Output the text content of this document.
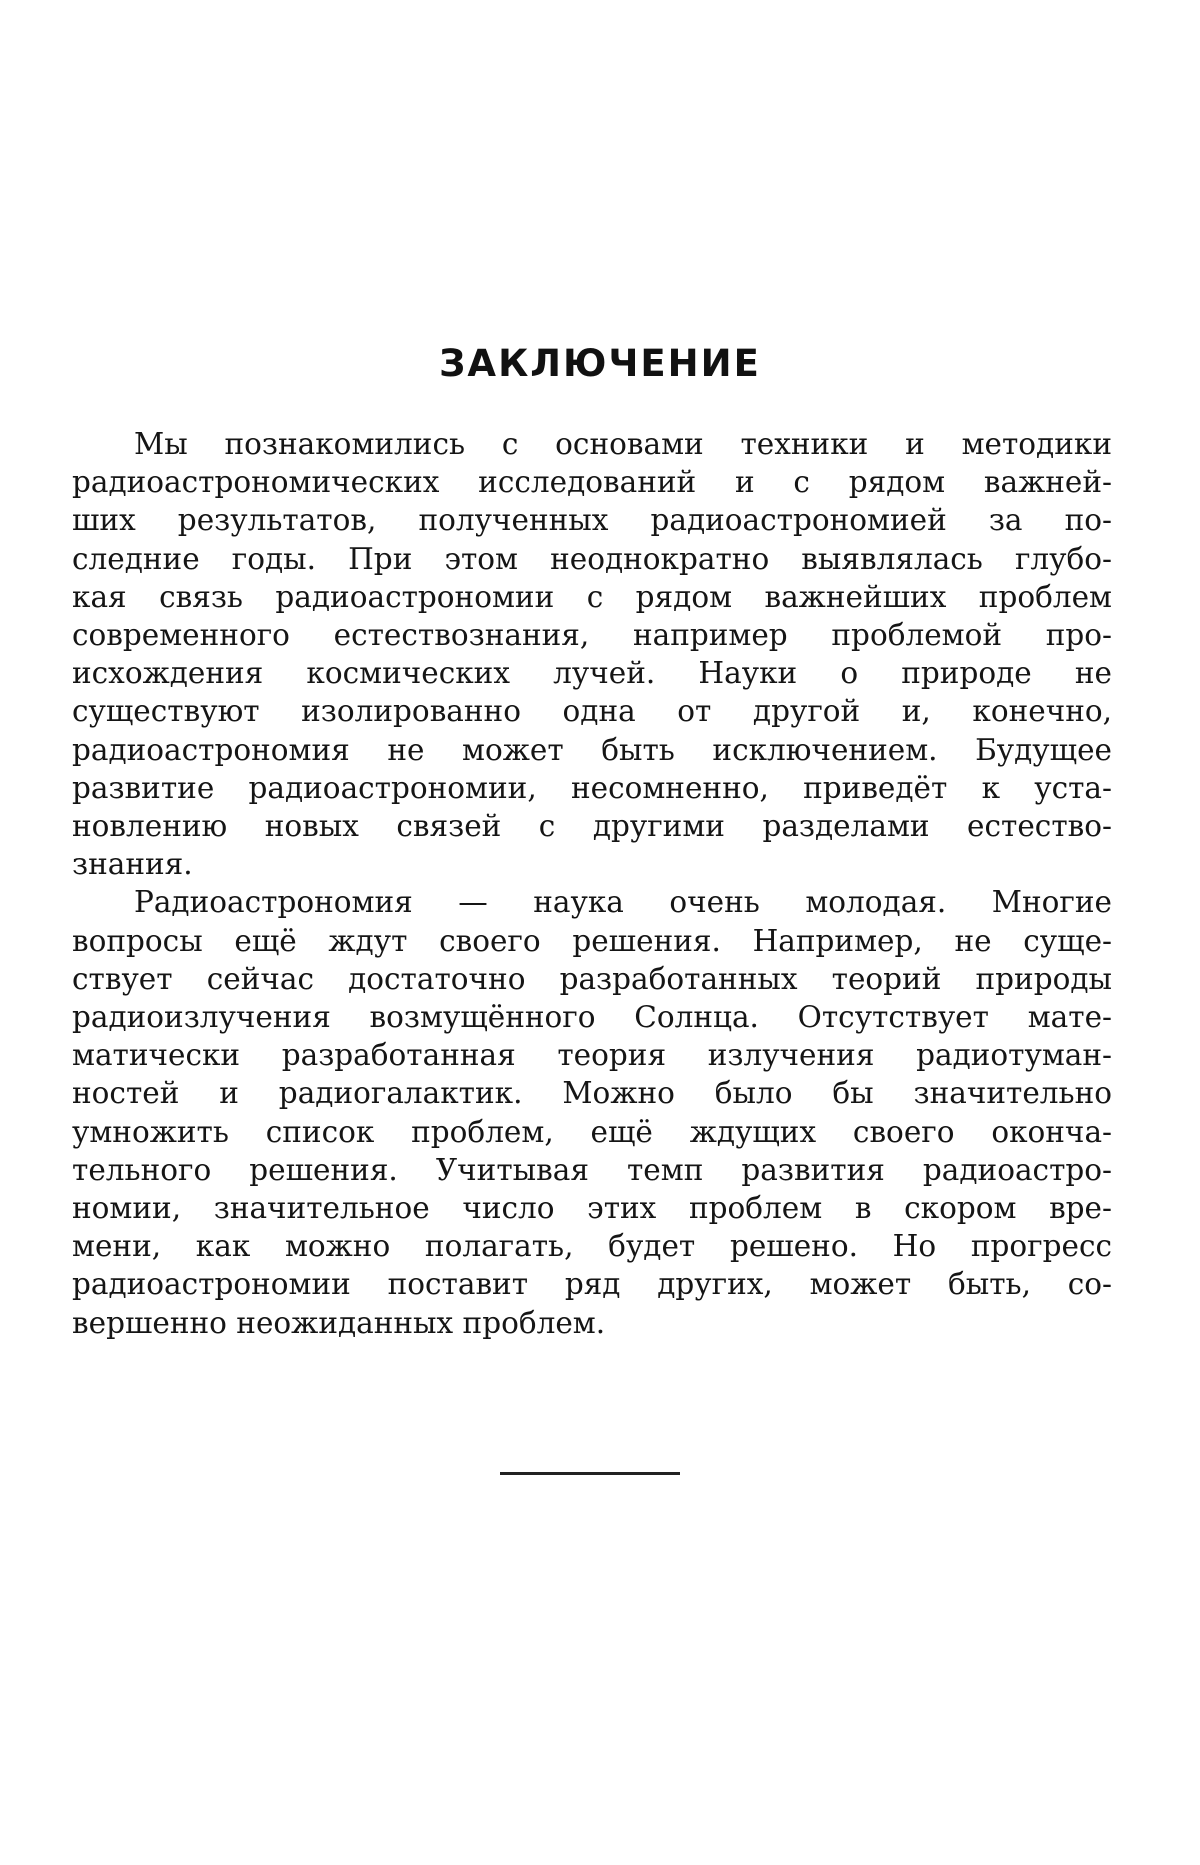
ЗАКЛЮЧЕНИЕ

Мы познакомились с основами техники и методики
радиоастрономических исследований и с рядом важней-
ших результатов, полученных радиоастрономией за по-
следние годы. При этом неоднократно выявлялась глубо-
кая связь радиоастрономии с рядом важнейших проблем
современного естествознания, например проблемой про-
исхождения космических лучей. Науки о природе не
существуют изолированно одна от другой и, конечно,
радиоастрономия не может быть исключением. Будущее
развитие радиоастрономии, несомненно, приведёт к уста-
новлению новых связей с другими разделами естество-
знания.

Радиоастрономия — наука очень молодая. Многие
вопросы ещё ждут своего решения. Например, не суще-
ствует сейчас достаточно разработанных теорий природы
радиоизлучения возмущённого Солнца. Отсутствует мате-
матически разработанная теория излучения радиотуман-
ностей и радиогалактик. Можно было бы значительно
умножить список проблем, ещё ждущих своего оконча-
тельного решения. Учитывая темп развития радиоастро-
номии, значительное число этих проблем в скором вре-
мени, как можно полагать, будет решено. Но прогресс
радиоастрономии поставит ряд других, может быть, со-
вершенно неожиданных проблем.
